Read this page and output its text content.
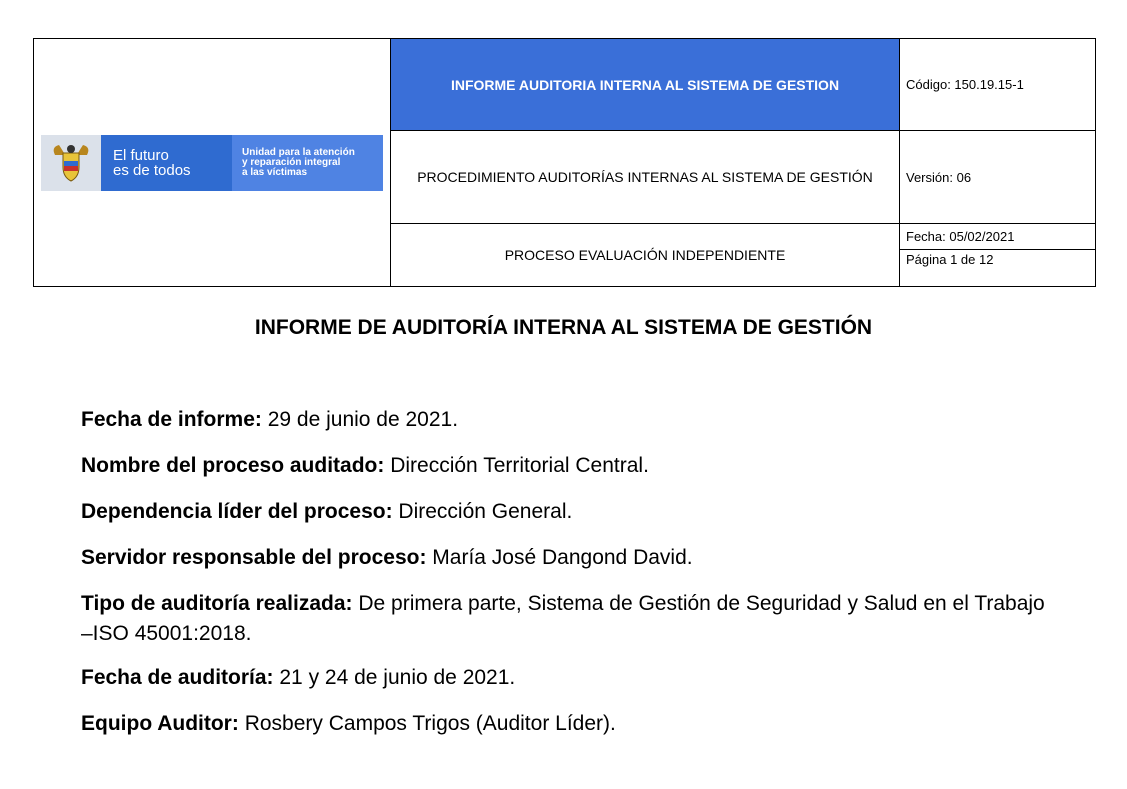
El futuro
es de todos
Unidad para la atención
y reparación integral
a las víctimas	INFORME AUDITORIA INTERNA AL SISTEMA DE GESTION	Código: 150.19.15-1
	PROCEDIMIENTO AUDITORÍAS INTERNAS AL SISTEMA DE GESTIÓN	Versión: 06
	PROCESO EVALUACIÓN INDEPENDIENTE	Fecha: 05/02/2021
		Página 1 de 12
INFORME DE AUDITORÍA INTERNA AL SISTEMA DE GESTIÓN
Fecha de informe: 29 de junio de 2021.
Nombre del proceso auditado: Dirección Territorial Central.
Dependencia líder del proceso: Dirección General.
Servidor responsable del proceso: María José Dangond David.
Tipo de auditoría realizada: De primera parte, Sistema de Gestión de Seguridad y Salud en el Trabajo –ISO 45001:2018.
Fecha de auditoría: 21 y 24 de junio de 2021.
Equipo Auditor: Rosbery Campos Trigos (Auditor Líder).
